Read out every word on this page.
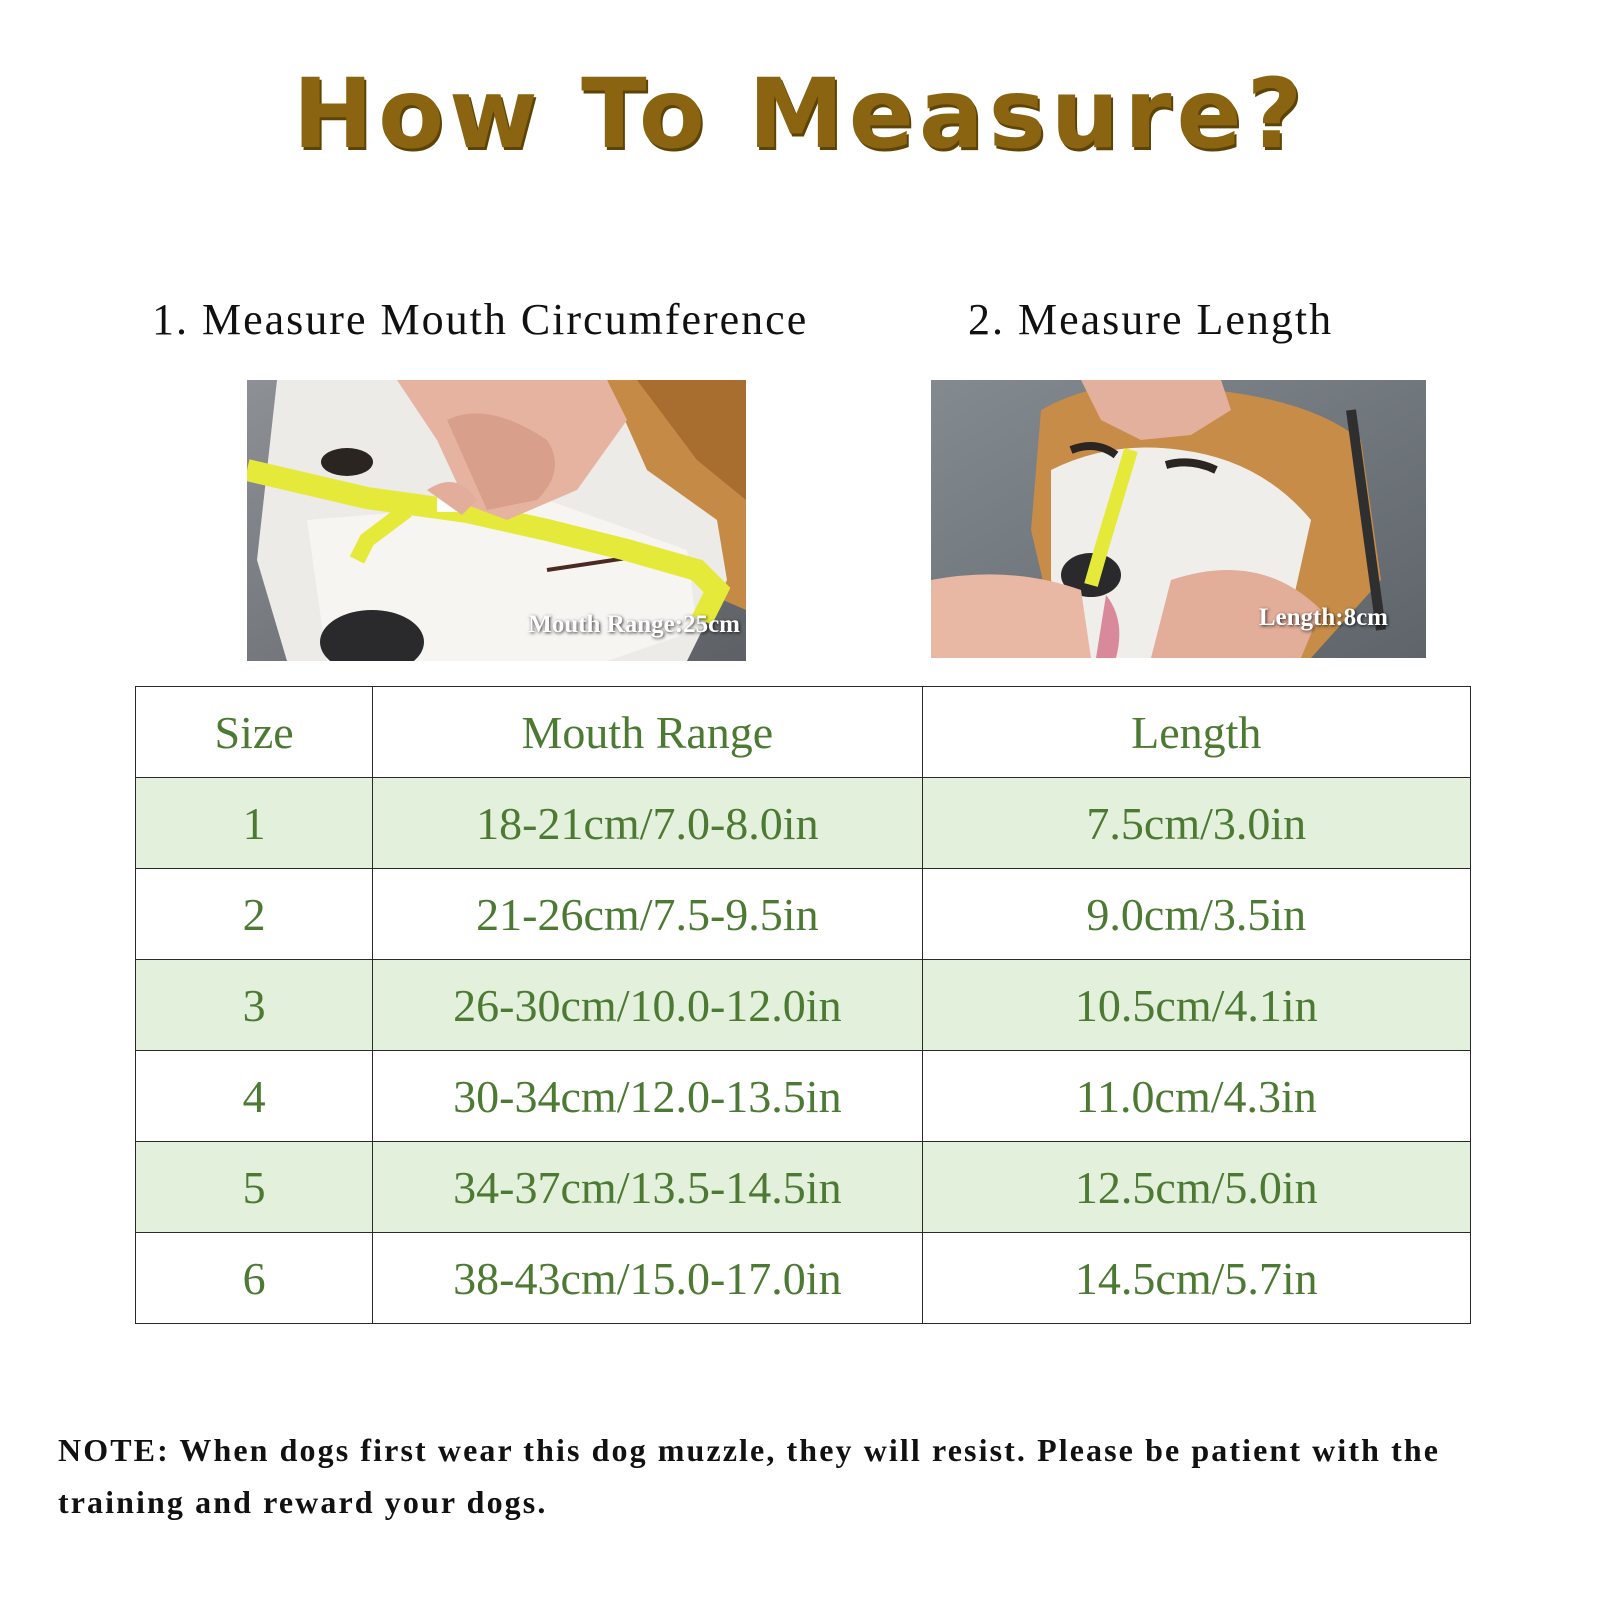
How To Measure?
1. Measure Mouth Circumference	2. Measure Length
Mouth Range:25cm	Length:8cm
Size	Mouth Range	Length
1	18-21cm/7.0-8.0in	7.5cm/3.0in
2	21-26cm/7.5-9.5in	9.0cm/3.5in
3	26-30cm/10.0-12.0in	10.5cm/4.1in
4	30-34cm/12.0-13.5in	11.0cm/4.3in
5	34-37cm/13.5-14.5in	12.5cm/5.0in
6	38-43cm/15.0-17.0in	14.5cm/5.7in
NOTE: When dogs first wear this dog muzzle, they will resist. Please be patient with the training and reward your dogs.
